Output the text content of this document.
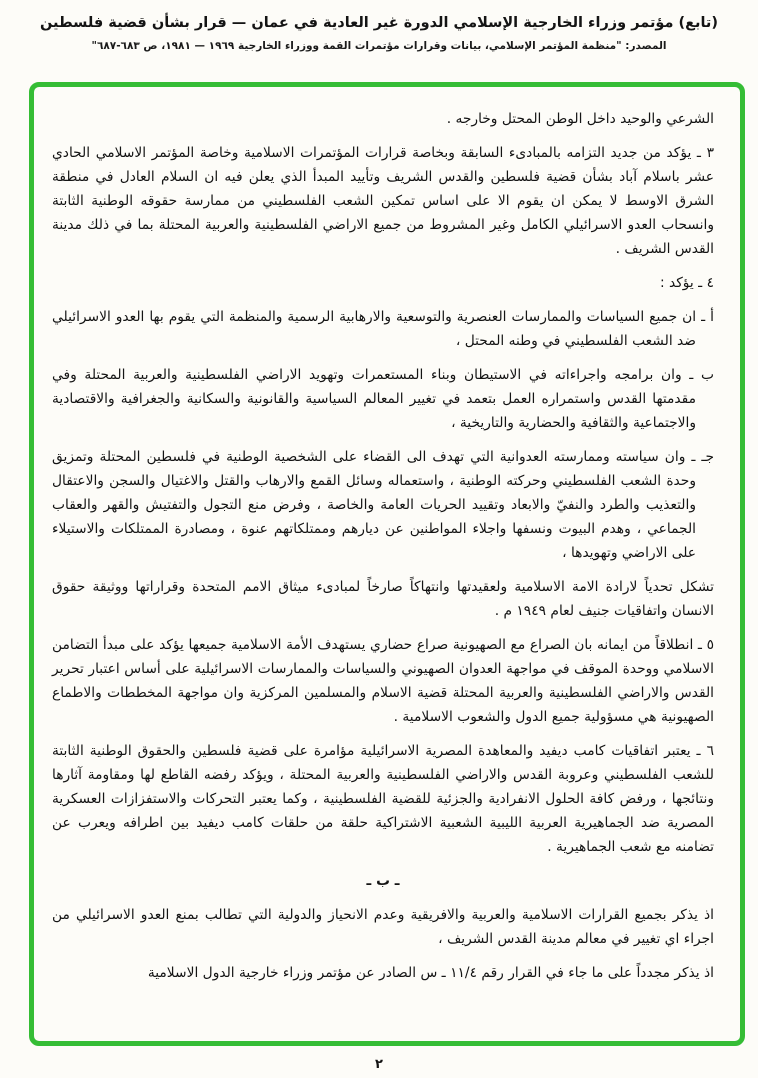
(تابع) مؤتمر وزراء الخارجية الإسلامي الدورة غير العادية في عمان — قرار بشأن قضية فلسطين
المصدر: "منظمة المؤتمر الإسلامي، بيانات وقرارات مؤتمرات القمة ووزراء الخارجية ١٩٦٩ — ١٩٨١، ص ٦٨٣-٦٨٧"

الشرعي والوحيد داخل الوطن المحتل وخارجه .

٣ ـ يؤكد من جديد التزامه بالمبادىء السابقة وبخاصة قرارات المؤتمرات الاسلامية وخاصة المؤتمر الاسلامي الحادي عشر باسلام آباد بشأن قضية فلسطين والقدس الشريف وتأييد المبدأ الذي يعلن فيه ان السلام العادل في منطقة الشرق الاوسط لا يمكن ان يقوم الا على اساس تمكين الشعب الفلسطيني من ممارسة حقوقه الوطنية الثابتة وانسحاب العدو الاسرائيلي الكامل وغير المشروط من جميع الاراضي الفلسطينية والعربية المحتلة بما في ذلك مدينة القدس الشريف .

٤ ـ يؤكد :

أ ـ ان جميع السياسات والممارسات العنصرية والتوسعية والارهابية الرسمية والمنظمة التي يقوم بها العدو الاسرائيلي ضد الشعب الفلسطيني في وطنه المحتل ،

ب ـ وان برامجه واجراءاته في الاستيطان وبناء المستعمرات وتهويد الاراضي الفلسطينية والعربية المحتلة وفي مقدمتها القدس واستمراره العمل بتعمد في تغيير المعالم السياسية والقانونية والسكانية والجغرافية والاقتصادية والاجتماعية والثقافية والحضارية والتاريخية ،

جـ ـ وان سياسته وممارسته العدوانية التي تهدف الى القضاء على الشخصية الوطنية في فلسطين المحتلة وتمزيق وحدة الشعب الفلسطيني وحركته الوطنية ، واستعماله وسائل القمع والارهاب والقتل والاغتيال والسجن والاعتقال والتعذيب والطرد والنفيّ والابعاد وتقييد الحريات العامة والخاصة ، وفرض منع التجول والتفتيش والقهر والعقاب الجماعي ، وهدم البيوت ونسفها واجلاء المواطنين عن ديارهم وممتلكاتهم عنوة ، ومصادرة الممتلكات والاستيلاء على الاراضي وتهويدها ،

تشكل تحدياً لارادة الامة الاسلامية ولعقيدتها وانتهاكاً صارخاً لمبادىء ميثاق الامم المتحدة وقراراتها ووثيقة حقوق الانسان واتفاقيات جنيف لعام ١٩٤٩ م .

٥ ـ انطلاقاً من ايمانه بان الصراع مع الصهيونية صراع حضاري يستهدف الأمة الاسلامية جميعها يؤكد على مبدأ التضامن الاسلامي ووحدة الموقف في مواجهة العدوان الصهيوني والسياسات والممارسات الاسرائيلية على أساس اعتبار تحرير القدس والاراضي الفلسطينية والعربية المحتلة قضية الاسلام والمسلمين المركزية وان مواجهة المخططات والاطماع الصهيونية هي مسؤولية جميع الدول والشعوب الاسلامية .

٦ ـ يعتبر اتفاقيات كامب ديفيد والمعاهدة المصرية الاسرائيلية مؤامرة على قضية فلسطين والحقوق الوطنية الثابتة للشعب الفلسطيني وعروبة القدس والاراضي الفلسطينية والعربية المحتلة ، ويؤكد رفضه القاطع لها ومقاومة آثارها ونتائجها ، ورفض كافة الحلول الانفرادية والجزئية للقضية الفلسطينية ، وكما يعتبر التحركات والاستفزازات العسكرية المصرية ضد الجماهيرية العربية الليبية الشعبية الاشتراكية حلقة من حلقات كامب ديفيد بين اطرافه ويعرب عن تضامنه مع شعب الجماهيرية .

ـ ب ـ

اذ يذكر بجميع القرارات الاسلامية والعربية والافريقية وعدم الانحياز والدولية التي تطالب بمنع العدو الاسرائيلي من اجراء اي تغيير في معالم مدينة القدس الشريف ،

اذ يذكر مجدداً على ما جاء في القرار رقم ١١/٤ ـ س الصادر عن مؤتمر وزراء خارجية الدول الاسلامية

٢
